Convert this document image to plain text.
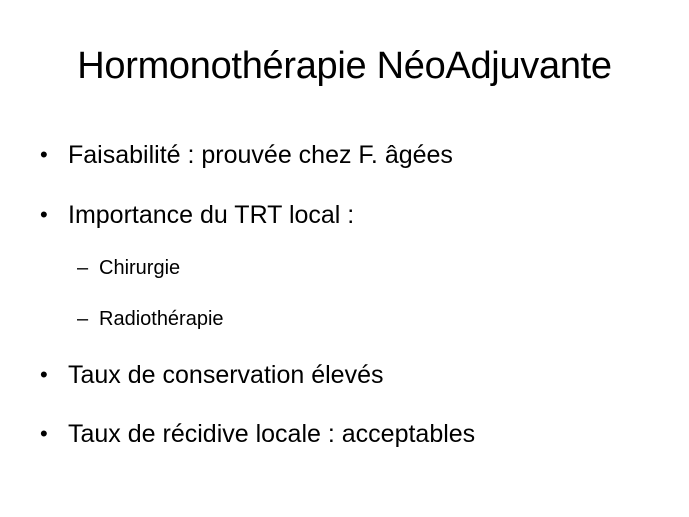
Hormonothérapie NéoAdjuvante
• Faisabilité : prouvée chez F. âgées
• Importance du TRT local :
– Chirurgie
– Radiothérapie
• Taux de conservation élevés
• Taux de récidive locale : acceptables
